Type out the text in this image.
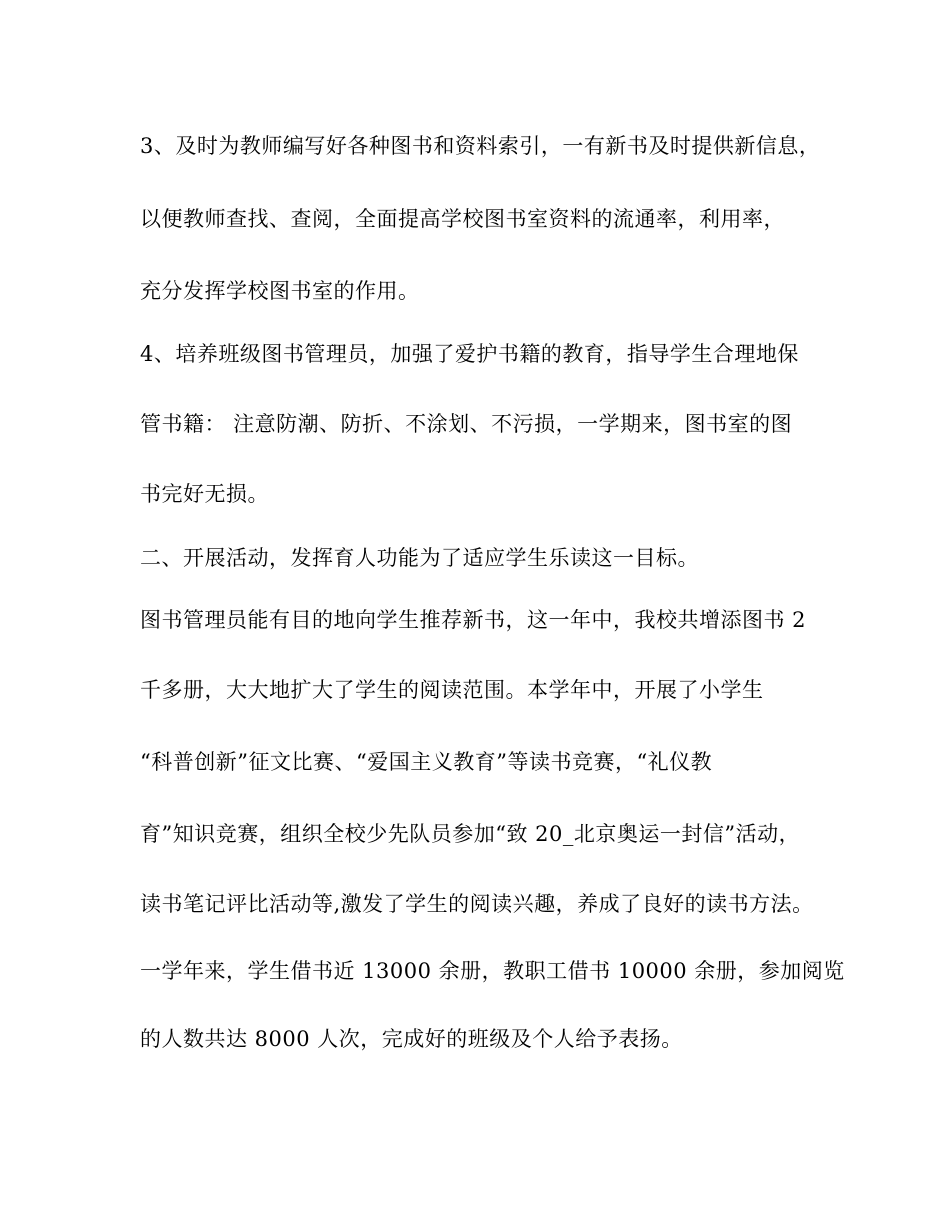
3、及时为教师编写好各种图书和资料索引，一有新书及时提供新信息，

以便教师查找、查阅，全面提高学校图书室资料的流通率，利用率，

充分发挥学校图书室的作用。

4、培养班级图书管理员，加强了爱护书籍的教育，指导学生合理地保

管书籍： 注意防潮、防折、不涂划、不污损，一学期来，图书室的图

书完好无损。

二、开展活动，发挥育人功能为了适应学生乐读这一目标。

图书管理员能有目的地向学生推荐新书，这一年中，我校共增添图书 2

千多册，大大地扩大了学生的阅读范围。本学年中，开展了小学生

“科普创新”征文比赛、“爱国主义教育”等读书竞赛，“礼仪教

育”知识竞赛，组织全校少先队员参加“致 20_北京奥运一封信”活动，

读书笔记评比活动等,激发了学生的阅读兴趣，养成了良好的读书方法。

一学年来，学生借书近 13000 余册，教职工借书 10000 余册，参加阅览

的人数共达 8000 人次，完成好的班级及个人给予表扬。
